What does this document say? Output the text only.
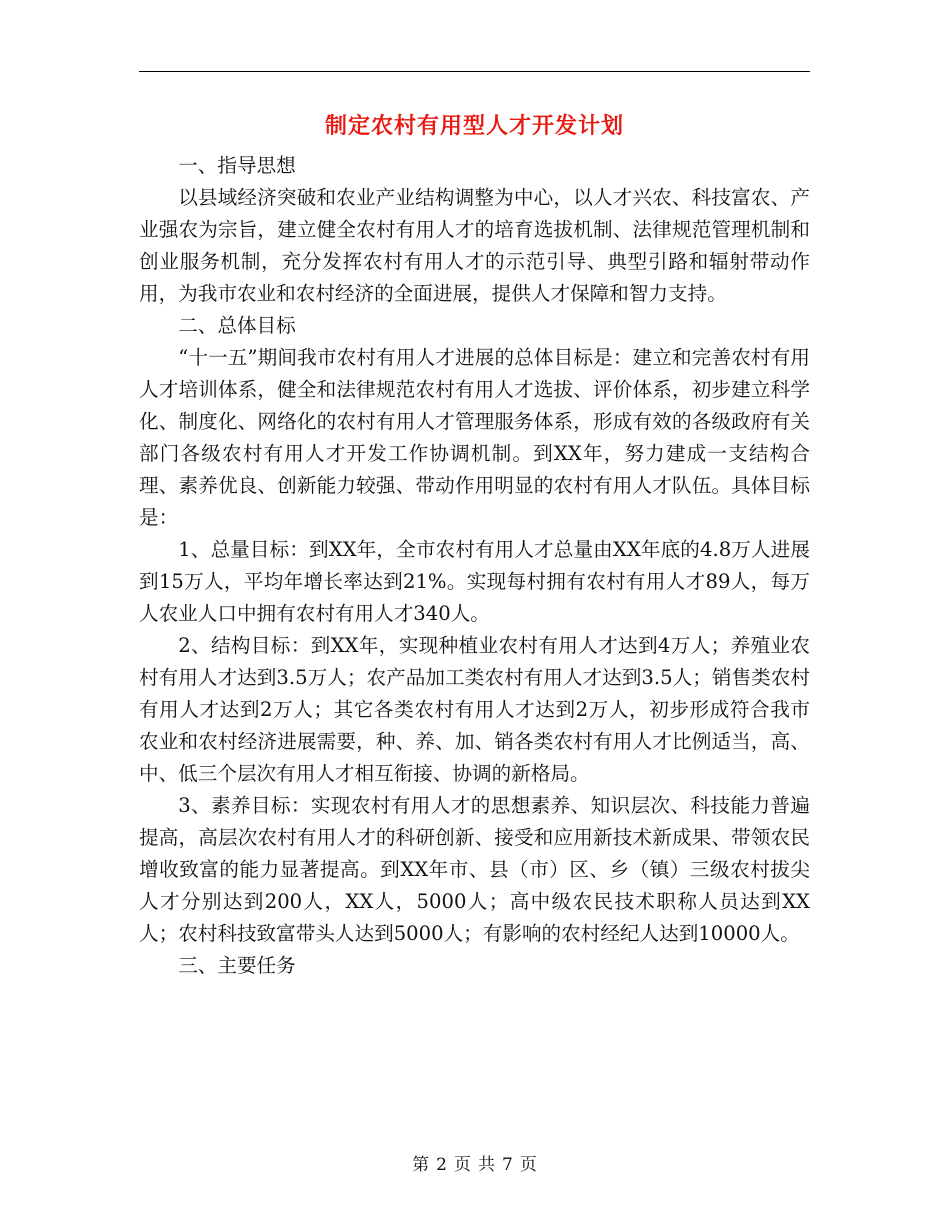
制定农村有用型人才开发计划

一、指导思想

以县域经济突破和农业产业结构调整为中心，以人才兴农、科技富农、产业强农为宗旨，建立健全农村有用人才的培育选拔机制、法律规范管理机制和创业服务机制，充分发挥农村有用人才的示范引导、典型引路和辐射带动作用，为我市农业和农村经济的全面进展，提供人才保障和智力支持。

二、总体目标

“十一五”期间我市农村有用人才进展的总体目标是：建立和完善农村有用人才培训体系，健全和法律规范农村有用人才选拔、评价体系，初步建立科学化、制度化、网络化的农村有用人才管理服务体系，形成有效的各级政府有关部门各级农村有用人才开发工作协调机制。到XX年，努力建成一支结构合理、素养优良、创新能力较强、带动作用明显的农村有用人才队伍。具体目标是：

1、总量目标：到XX年，全市农村有用人才总量由XX年底的4.8万人进展到15万人，平均年增长率达到21%。实现每村拥有农村有用人才89人，每万人农业人口中拥有农村有用人才340人。

2、结构目标：到XX年，实现种植业农村有用人才达到4万人；养殖业农村有用人才达到3.5万人；农产品加工类农村有用人才达到3.5人；销售类农村有用人才达到2万人；其它各类农村有用人才达到2万人，初步形成符合我市农业和农村经济进展需要，种、养、加、销各类农村有用人才比例适当，高、中、低三个层次有用人才相互衔接、协调的新格局。

3、素养目标：实现农村有用人才的思想素养、知识层次、科技能力普遍提高，高层次农村有用人才的科研创新、接受和应用新技术新成果、带领农民增收致富的能力显著提高。到XX年市、县（市）区、乡（镇）三级农村拔尖人才分别达到200人，XX人，5000人；高中级农民技术职称人员达到XX人；农村科技致富带头人达到5000人；有影响的农村经纪人达到10000人。

三、主要任务

第 2 页 共 7 页
